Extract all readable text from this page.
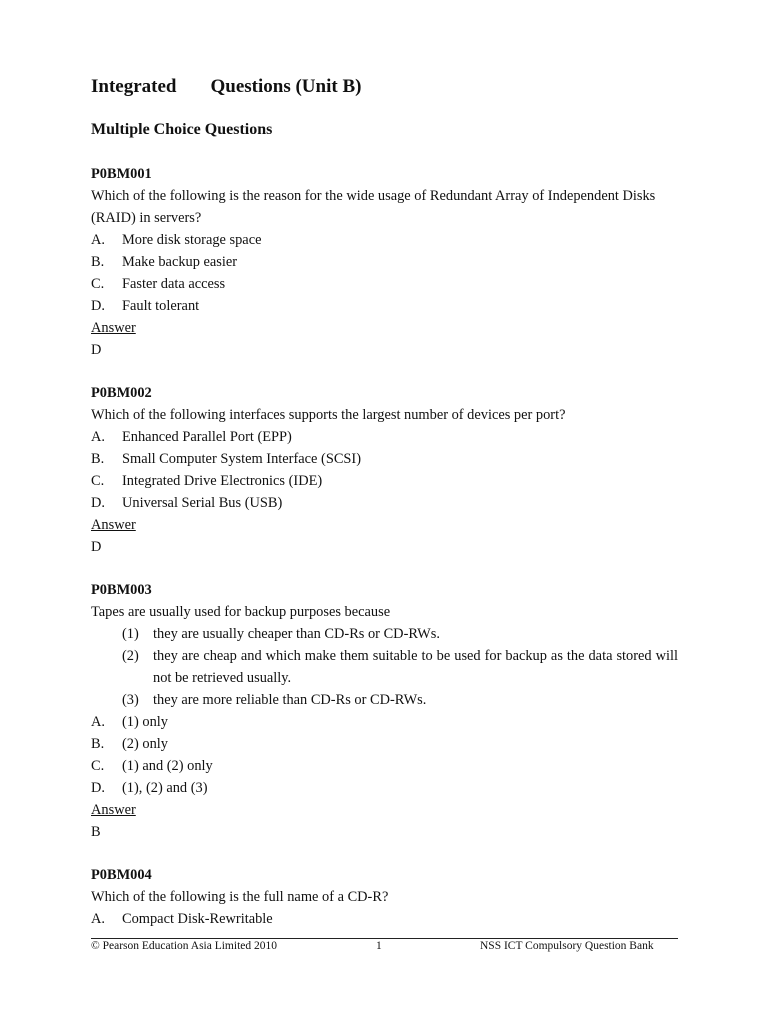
Integrated Questions (Unit B)
Multiple Choice Questions
P0BM001
Which of the following is the reason for the wide usage of Redundant Array of Independent Disks (RAID) in servers?
A. More disk storage space
B. Make backup easier
C. Faster data access
D. Fault tolerant
Answer
D
P0BM002
Which of the following interfaces supports the largest number of devices per port?
A. Enhanced Parallel Port (EPP)
B. Small Computer System Interface (SCSI)
C. Integrated Drive Electronics (IDE)
D. Universal Serial Bus (USB)
Answer
D
P0BM003
Tapes are usually used for backup purposes because
(1) they are usually cheaper than CD-Rs or CD-RWs.
(2) they are cheap and which make them suitable to be used for backup as the data stored will not be retrieved usually.
(3) they are more reliable than CD-Rs or CD-RWs.
A. (1) only
B. (2) only
C. (1) and (2) only
D. (1), (2) and (3)
Answer
B
P0BM004
Which of the following is the full name of a CD-R?
A. Compact Disk-Rewritable
© Pearson Education Asia Limited 2010	1	NSS ICT Compulsory Question Bank
